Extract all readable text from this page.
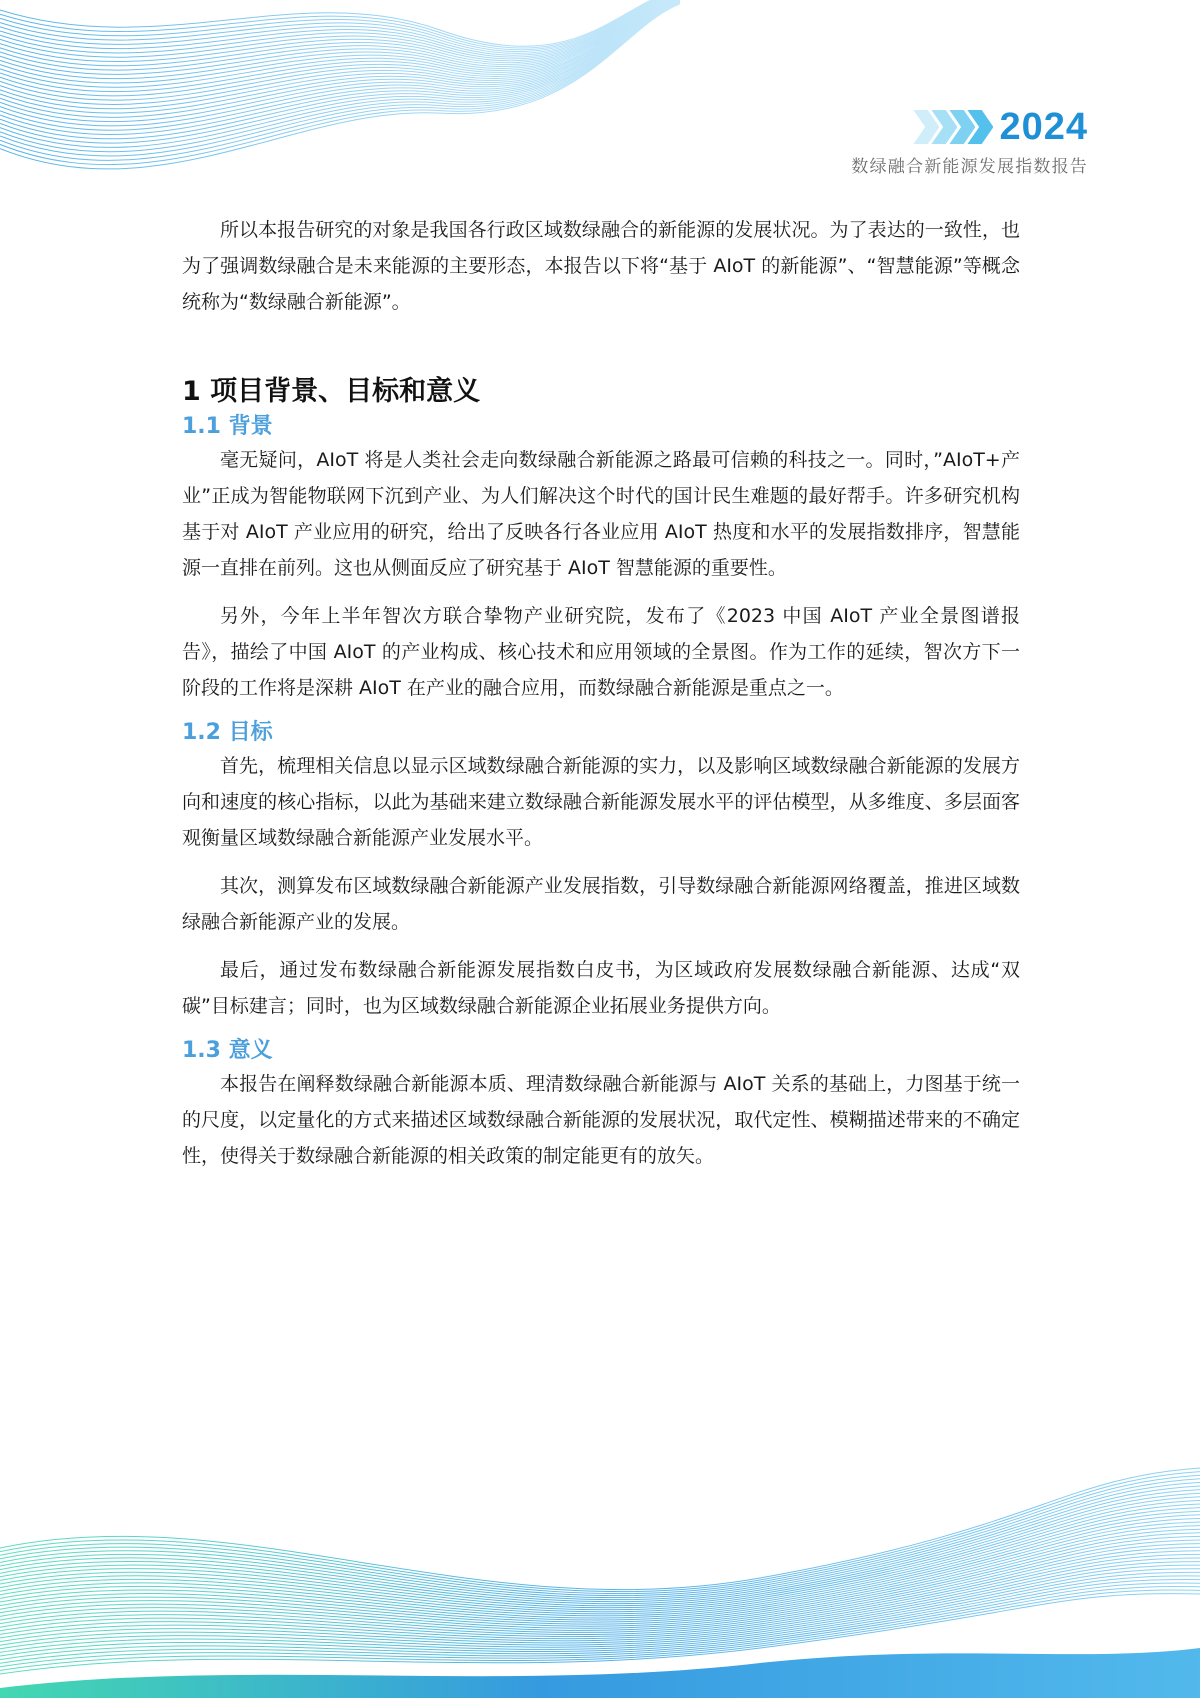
2024
数绿融合新能源发展指数报告

所以本报告研究的对象是我国各行政区域数绿融合的新能源的发展状况。为了表达的一致性，也为了强调数绿融合是未来能源的主要形态，本报告以下将“基于 AIoT 的新能源”、“智慧能源”等概念统称为“数绿融合新能源”。

1 项目背景、目标和意义
1.1 背景

毫无疑问，AIoT 将是人类社会走向数绿融合新能源之路最可信赖的科技之一。同时，”AIoT+产业”正成为智能物联网下沉到产业、为人们解决这个时代的国计民生难题的最好帮手。许多研究机构基于对 AIoT 产业应用的研究，给出了反映各行各业应用 AIoT 热度和水平的发展指数排序，智慧能源一直排在前列。这也从侧面反应了研究基于 AIoT 智慧能源的重要性。

另外，今年上半年智次方联合挚物产业研究院，发布了《2023 中国 AIoT 产业全景图谱报告》，描绘了中国 AIoT 的产业构成、核心技术和应用领域的全景图。作为工作的延续，智次方下一阶段的工作将是深耕 AIoT 在产业的融合应用，而数绿融合新能源是重点之一。

1.2 目标

首先，梳理相关信息以显示区域数绿融合新能源的实力，以及影响区域数绿融合新能源的发展方向和速度的核心指标，以此为基础来建立数绿融合新能源发展水平的评估模型，从多维度、多层面客观衡量区域数绿融合新能源产业发展水平。

其次，测算发布区域数绿融合新能源产业发展指数，引导数绿融合新能源网络覆盖，推进区域数绿融合新能源产业的发展。

最后，通过发布数绿融合新能源发展指数白皮书，为区域政府发展数绿融合新能源、达成“双碳”目标建言；同时，也为区域数绿融合新能源企业拓展业务提供方向。

1.3 意义

本报告在阐释数绿融合新能源本质、理清数绿融合新能源与 AIoT 关系的基础上，力图基于统一的尺度，以定量化的方式来描述区域数绿融合新能源的发展状况，取代定性、模糊描述带来的不确定性，使得关于数绿融合新能源的相关政策的制定能更有的放矢。
